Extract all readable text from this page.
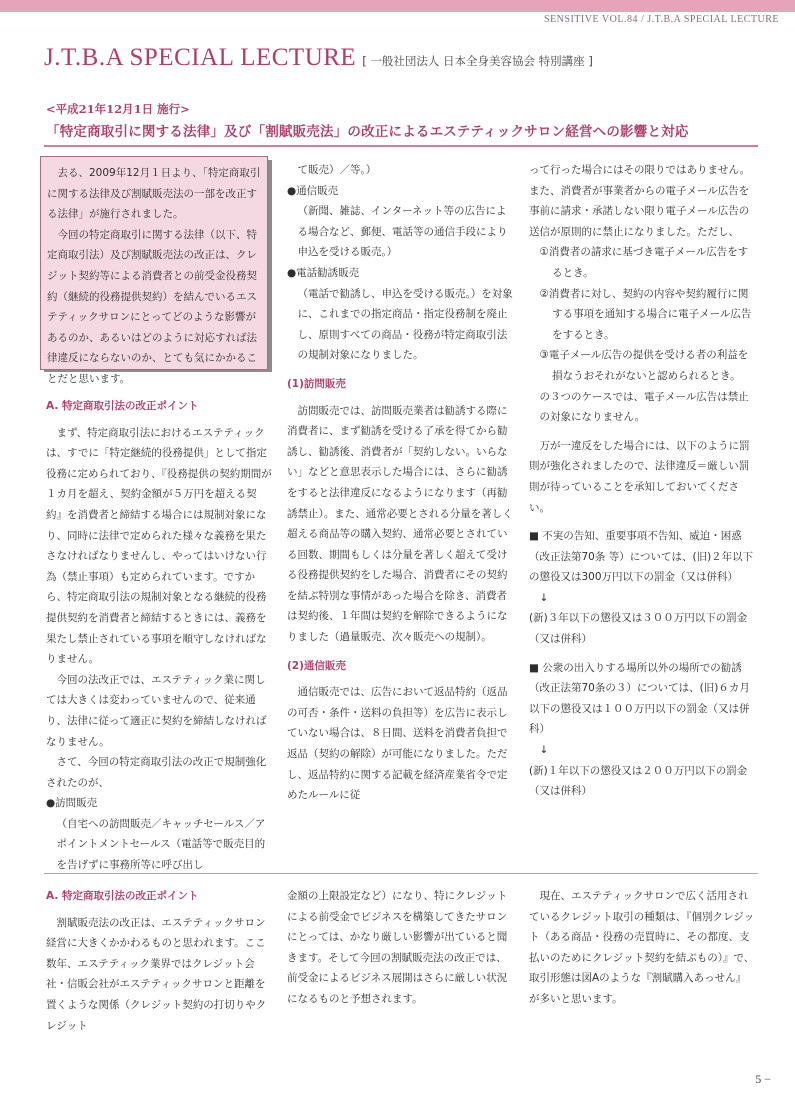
SENSITIVE VOL.84 / J.T.B.A SPECIAL LECTURE
J.T.B.A SPECIAL LECTURE [ 一般社団法人 日本全身美容協会 特別講座 ]
<平成21年12月1日 施行>
「特定商取引に関する法律」及び「割賦販売法」の改正によるエステティックサロン経営への影響と対応

去る、2009年12月１日より、「特定商取引に関する法律及び割賦販売法の一部を改正する法律」が施行されました。

今回の特定商取引に関する法律（以下、特定商取引法）及び割賦販売法の改正は、クレジット契約等による消費者との前受金役務契約（継続的役務提供契約）を結んでいるエステティックサロンにとってどのような影響があるのか、あるいはどのように対応すれば法律違反にならないのか、とても気にかかることだと思います。

A. 特定商取引法の改正ポイント

まず、特定商取引法におけるエステティックは、すでに「特定継続的役務提供」として指定役務に定められており、『役務提供の契約期間が１カ月を超え、契約金額が５万円を超える契約』を消費者と締結する場合には規制対象になり、同時に法律で定められた様々な義務を果たさなければなりませんし、やってはいけない行為（禁止事項）も定められています。ですから、特定商取引法の規制対象となる継続的役務提供契約を消費者と締結するときには、義務を果たし禁止されている事項を順守しなければなりません。

今回の法改正では、エステティック業に関しては大きくは変わっていませんので、従来通り、法律に従って適正に契約を締結しなければなりません。

さて、今回の特定商取引法の改正で規制強化されたのが、

●訪問販売

（自宅への訪問販売／キャッチセールス／アポイントメントセールス（電話等で販売目的を告げずに事務所等に呼び出し

て販売）／等。）

●通信販売

（新聞、雑誌、インターネット等の広告による場合など、郵便、電話等の通信手段により申込を受ける販売。）

●電話勧誘販売

（電話で勧誘し、申込を受ける販売。）を対象に、これまでの指定商品・指定役務制を廃止し、原則すべての商品・役務が特定商取引法の規制対象になりました。

(1)訪問販売

訪問販売では、訪問販売業者は勧誘する際に消費者に、まず勧誘を受ける了承を得てから勧誘し、勧誘後、消費者が「契約しない。いらない」などと意思表示した場合には、さらに勧誘をすると法律違反になるようになります（再勧誘禁止）。また、通常必要とされる分量を著しく超える商品等の購入契約、通常必要とされている回数、期間もしくは分量を著しく超えて受ける役務提供契約をした場合、消費者にその契約を結ぶ特別な事情があった場合を除き、消費者は契約後、１年間は契約を解除できるようになりました（過量販売、次々販売への規制）。

(2)通信販売

通信販売では、広告において返品特約（返品の可否・条件・送料の負担等）を広告に表示していない場合は、８日間、送料を消費者負担で返品（契約の解除）が可能になりました。ただし、返品特約に関する記載を経済産業省令で定めたルールに従

って行った場合にはその限りではありません。また、消費者が事業者からの電子メール広告を事前に請求・承諾しない限り電子メール広告の送信が原則的に禁止になりました。ただし、

①消費者の請求に基づき電子メール広告をするとき。

②消費者に対し、契約の内容や契約履行に関する事項を通知する場合に電子メール広告をするとき。

③電子メール広告の提供を受ける者の利益を損なうおそれがないと認められるとき。

の３つのケースでは、電子メール広告は禁止の対象になりません。

万が一違反をした場合には、以下のように罰則が強化されましたので、法律違反＝厳しい罰則が待っていることを承知しておいてください。

■ 不実の告知、重要事項不告知、威迫・困惑（改正法第70条 等）については、(旧)２年以下の懲役又は300万円以下の罰金（又は併科）

↓

(新)３年以下の懲役又は３００万円以下の罰金（又は併科）

■ 公衆の出入りする場所以外の場所での勧誘（改正法第70条の３）については、(旧)６カ月以下の懲役又は１００万円以下の罰金（又は併科）

↓

(新)１年以下の懲役又は２００万円以下の罰金（又は併科）

A. 特定商取引法の改正ポイント

割賦販売法の改正は、エステティックサロン経営に大きくかかわるものと思われます。ここ数年、エステティック業界ではクレジット会社・信販会社がエステティックサロンと距離を置くような関係（クレジット契約の打切りやクレジット

金額の上限設定など）になり、特にクレジットによる前受金でビジネスを構築してきたサロンにとっては、かなり厳しい影響が出ていると聞きます。そして今回の割賦販売法の改正では、前受金によるビジネス展開はさらに厳しい状況になるものと予想されます。

現在、エステティックサロンで広く活用されているクレジット取引の種類は、『個別クレジット（ある商品・役務の売買時に、その都度、支払いのためにクレジット契約を結ぶもの）』で、取引形態は図Aのような『割賦購入あっせん』が多いと思います。

5 −
